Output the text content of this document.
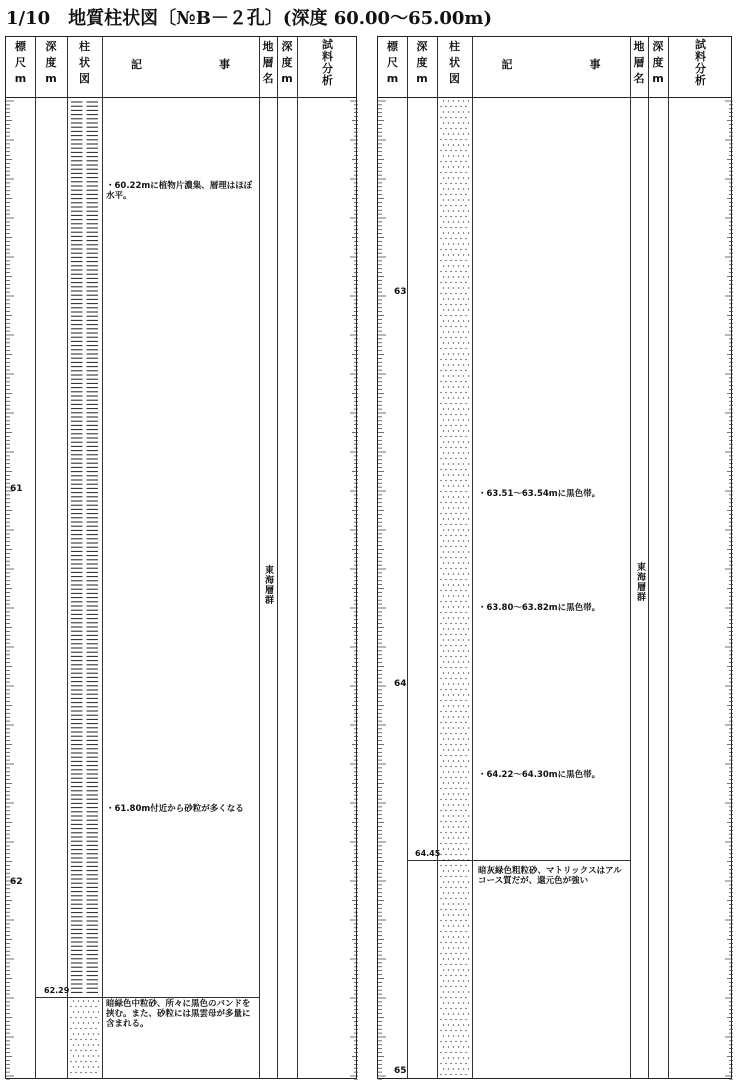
1/10　地質柱状図〔№B－２孔〕(深度 60.00〜65.00m)
標
尺
m
深
度
m
柱
状
図
記　　　　　　　事
地
層
名
深
度
m
試
料
分
析
61
62
62.29
東海層群
・60.22mに植物片濃集、層理はほぼ水平。
・61.80m付近から砂粒が多くなる
暗緑色中粒砂、所々に黒色のバンドを挟む。また、砂粒には黒雲母が多量に含まれる。
標
尺
m
深
度
m
柱
状
図
記　　　　　　　事
地
層
名
深
度
m
試
料
分
析
63
64
65
64.45
東海層群
・63.51～63.54mに黒色帯。
・63.80～63.82mに黒色帯。
・64.22～64.30mに黒色帯。
暗灰緑色粗粒砂、マトリックスはアルコース質だが、還元色が強い
